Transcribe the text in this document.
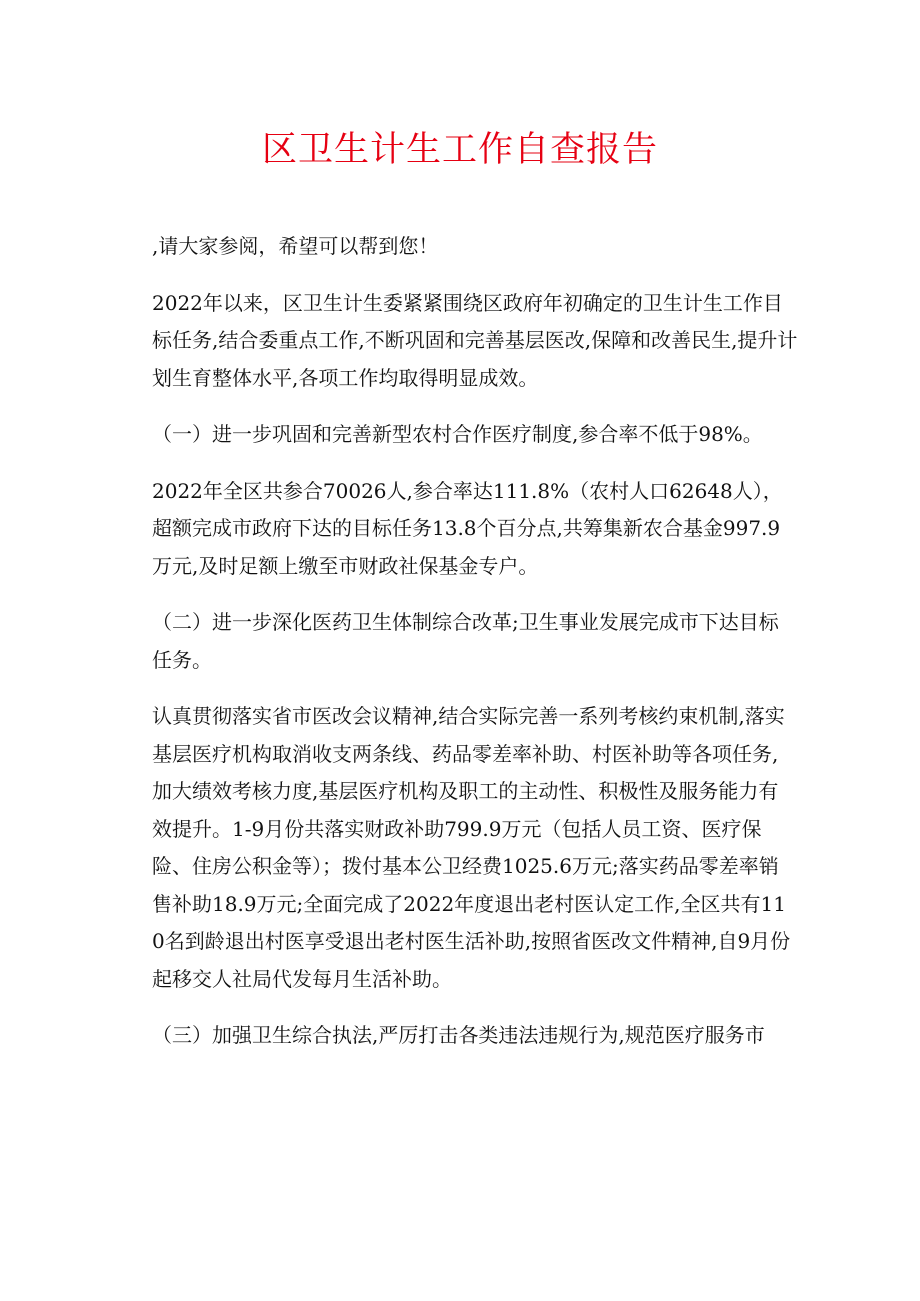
区卫生计生工作自查报告

,请大家参阅，希望可以帮到您！

2022年以来，区卫生计生委紧紧围绕区政府年初确定的卫生计生工作目标任务,结合委重点工作,不断巩固和完善基层医改,保障和改善民生,提升计划生育整体水平,各项工作均取得明显成效。

（一）进一步巩固和完善新型农村合作医疗制度,参合率不低于98%。

2022年全区共参合70026人,参合率达111.8%（农村人口62648人），超额完成市政府下达的目标任务13.8个百分点,共筹集新农合基金997.9万元,及时足额上缴至市财政社保基金专户。

（二）进一步深化医药卫生体制综合改革;卫生事业发展完成市下达目标任务。

认真贯彻落实省市医改会议精神,结合实际完善一系列考核约束机制,落实基层医疗机构取消收支两条线、药品零差率补助、村医补助等各项任务,加大绩效考核力度,基层医疗机构及职工的主动性、积极性及服务能力有效提升。1-9月份共落实财政补助799.9万元（包括人员工资、医疗保险、住房公积金等）；拨付基本公卫经费1025.6万元;落实药品零差率销售补助18.9万元;全面完成了2022年度退出老村医认定工作,全区共有110名到龄退出村医享受退出老村医生活补助,按照省医改文件精神,自9月份起移交人社局代发每月生活补助。

（三）加强卫生综合执法,严厉打击各类违法违规行为,规范医疗服务市
